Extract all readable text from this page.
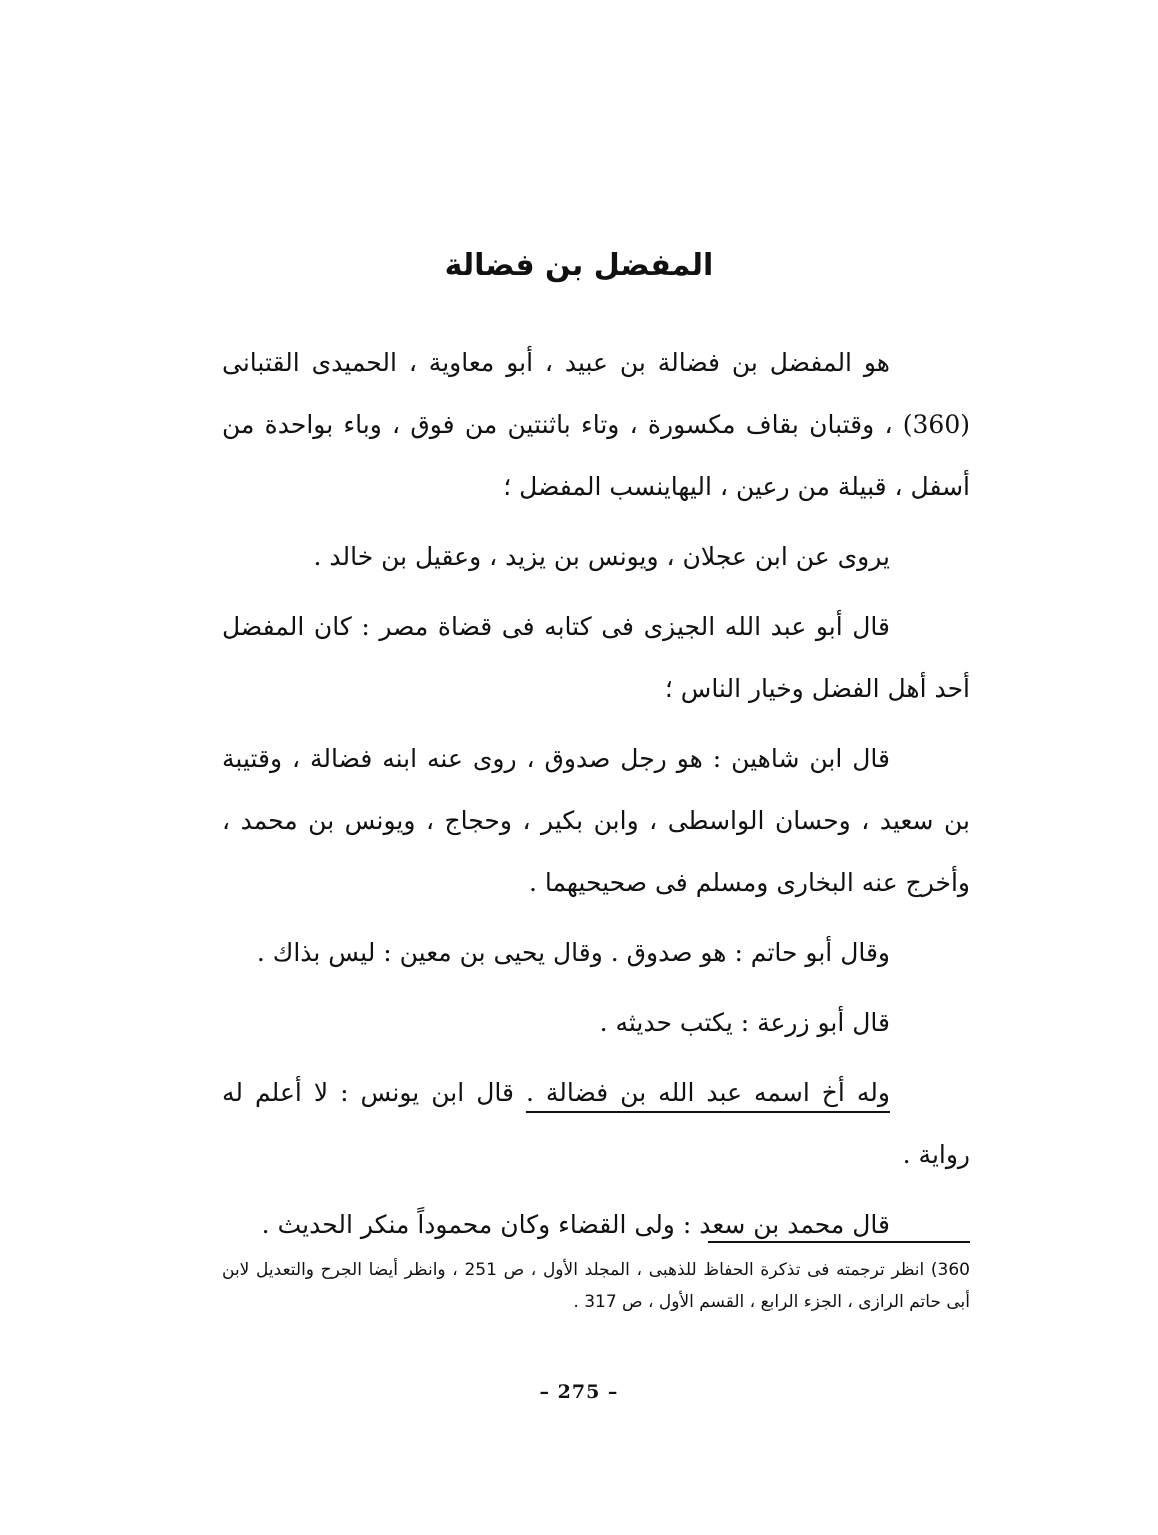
المفضل بن فضالة

هو المفضل بن فضالة بن عبيد ، أبو معاوية ، الحميدى القتبانى (360) ، وقتبان بقاف مكسورة ، وتاء باثنتين من فوق ، وباء بواحدة من أسفل ، قبيلة من رعين ، اليهاينسب المفضل ؛

يروى عن ابن عجلان ، ويونس بن يزيد ، وعقيل بن خالد .

قال أبو عبد الله الجيزى فى كتابه فى قضاة مصر : كان المفضل أحد أهل الفضل وخيار الناس ؛

قال ابن شاهين : هو رجل صدوق ، روى عنه ابنه فضالة ، وقتيبة بن سعيد ، وحسان الواسطى ، وابن بكير ، وحجاج ، ويونس بن محمد ، وأخرج عنه البخارى ومسلم فى صحيحيهما .

وقال أبو حاتم : هو صدوق . وقال يحيى بن معين : ليس بذاك .

قال أبو زرعة : يكتب حديثه .

وله أخ اسمه عبد الله بن فضالة . قال ابن يونس : لا أعلم له رواية .

قال محمد بن سعد : ولى القضاء وكان محموداً منكر الحديث .

360) انظر ترجمته فى تذكرة الحفاظ للذهبى ، المجلد الأول ، ص 251 ، وانظر أيضا الجرح والتعديل لابن أبى حاتم الرازى ، الجزء الرابع ، القسم الأول ، ص 317 .

– 275 –
